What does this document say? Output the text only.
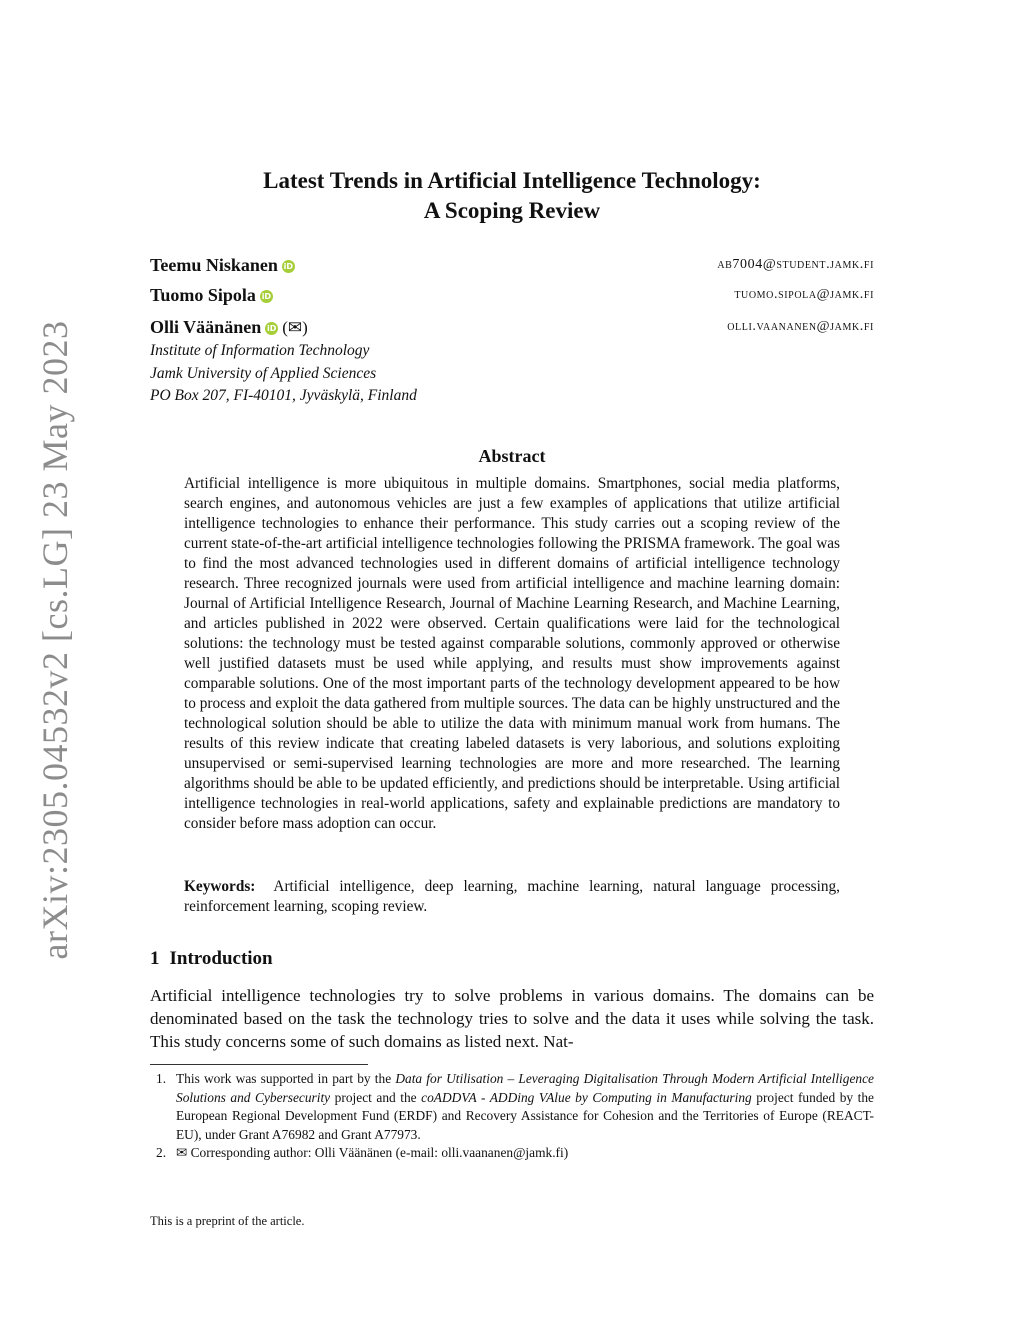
arXiv:2305.04532v2 [cs.LG] 23 May 2023
Latest Trends in Artificial Intelligence Technology:
A Scoping Review
Teemu Niskanen iD	ab7004@student.jamk.fi
Tuomo Sipola iD	tuomo.sipola@jamk.fi
Olli Väänänen iD (✉)	olli.vaananen@jamk.fi
Institute of Information Technology
Jamk University of Applied Sciences
PO Box 207, FI-40101, Jyväskylä, Finland
Abstract

Artificial intelligence is more ubiquitous in multiple domains. Smartphones, social media platforms, search engines, and autonomous vehicles are just a few examples of applications that utilize artificial intelligence technologies to enhance their performance. This study carries out a scoping review of the current state-of-the-art artificial intelligence technologies following the PRISMA framework. The goal was to find the most advanced technologies used in different domains of artificial intelligence technology research. Three recognized journals were used from artificial intelligence and machine learning domain: Journal of Artificial Intelligence Research, Journal of Machine Learning Research, and Machine Learning, and articles published in 2022 were observed. Certain qualifications were laid for the technological solutions: the technology must be tested against comparable solutions, commonly approved or otherwise well justified datasets must be used while applying, and results must show improvements against comparable solutions. One of the most important parts of the technology development appeared to be how to process and exploit the data gathered from multiple sources. The data can be highly unstructured and the technological solution should be able to utilize the data with minimum manual work from humans. The results of this review indicate that creating labeled datasets is very laborious, and solutions exploiting unsupervised or semi-supervised learning technologies are more and more researched. The learning algorithms should be able to be updated efficiently, and predictions should be interpretable. Using artificial intelligence technologies in real-world applications, safety and explainable predictions are mandatory to consider before mass adoption can occur.

Keywords: Artificial intelligence, deep learning, machine learning, natural language processing, reinforcement learning, scoping review.

1 Introduction

Artificial intelligence technologies try to solve problems in various domains. The domains can be denominated based on the task the technology tries to solve and the data it uses while solving the task. This study concerns some of such domains as listed next. Nat-

1. This work was supported in part by the Data for Utilisation – Leveraging Digitalisation Through Modern Artificial Intelligence Solutions and Cybersecurity project and the coADDVA - ADDing VAlue by Computing in Manufacturing project funded by the European Regional Development Fund (ERDF) and Recovery Assistance for Cohesion and the Territories of Europe (REACT-EU), under Grant A76982 and Grant A77973.
2. ✉ Corresponding author: Olli Väänänen (e-mail: olli.vaananen@jamk.fi)
This is a preprint of the article.
